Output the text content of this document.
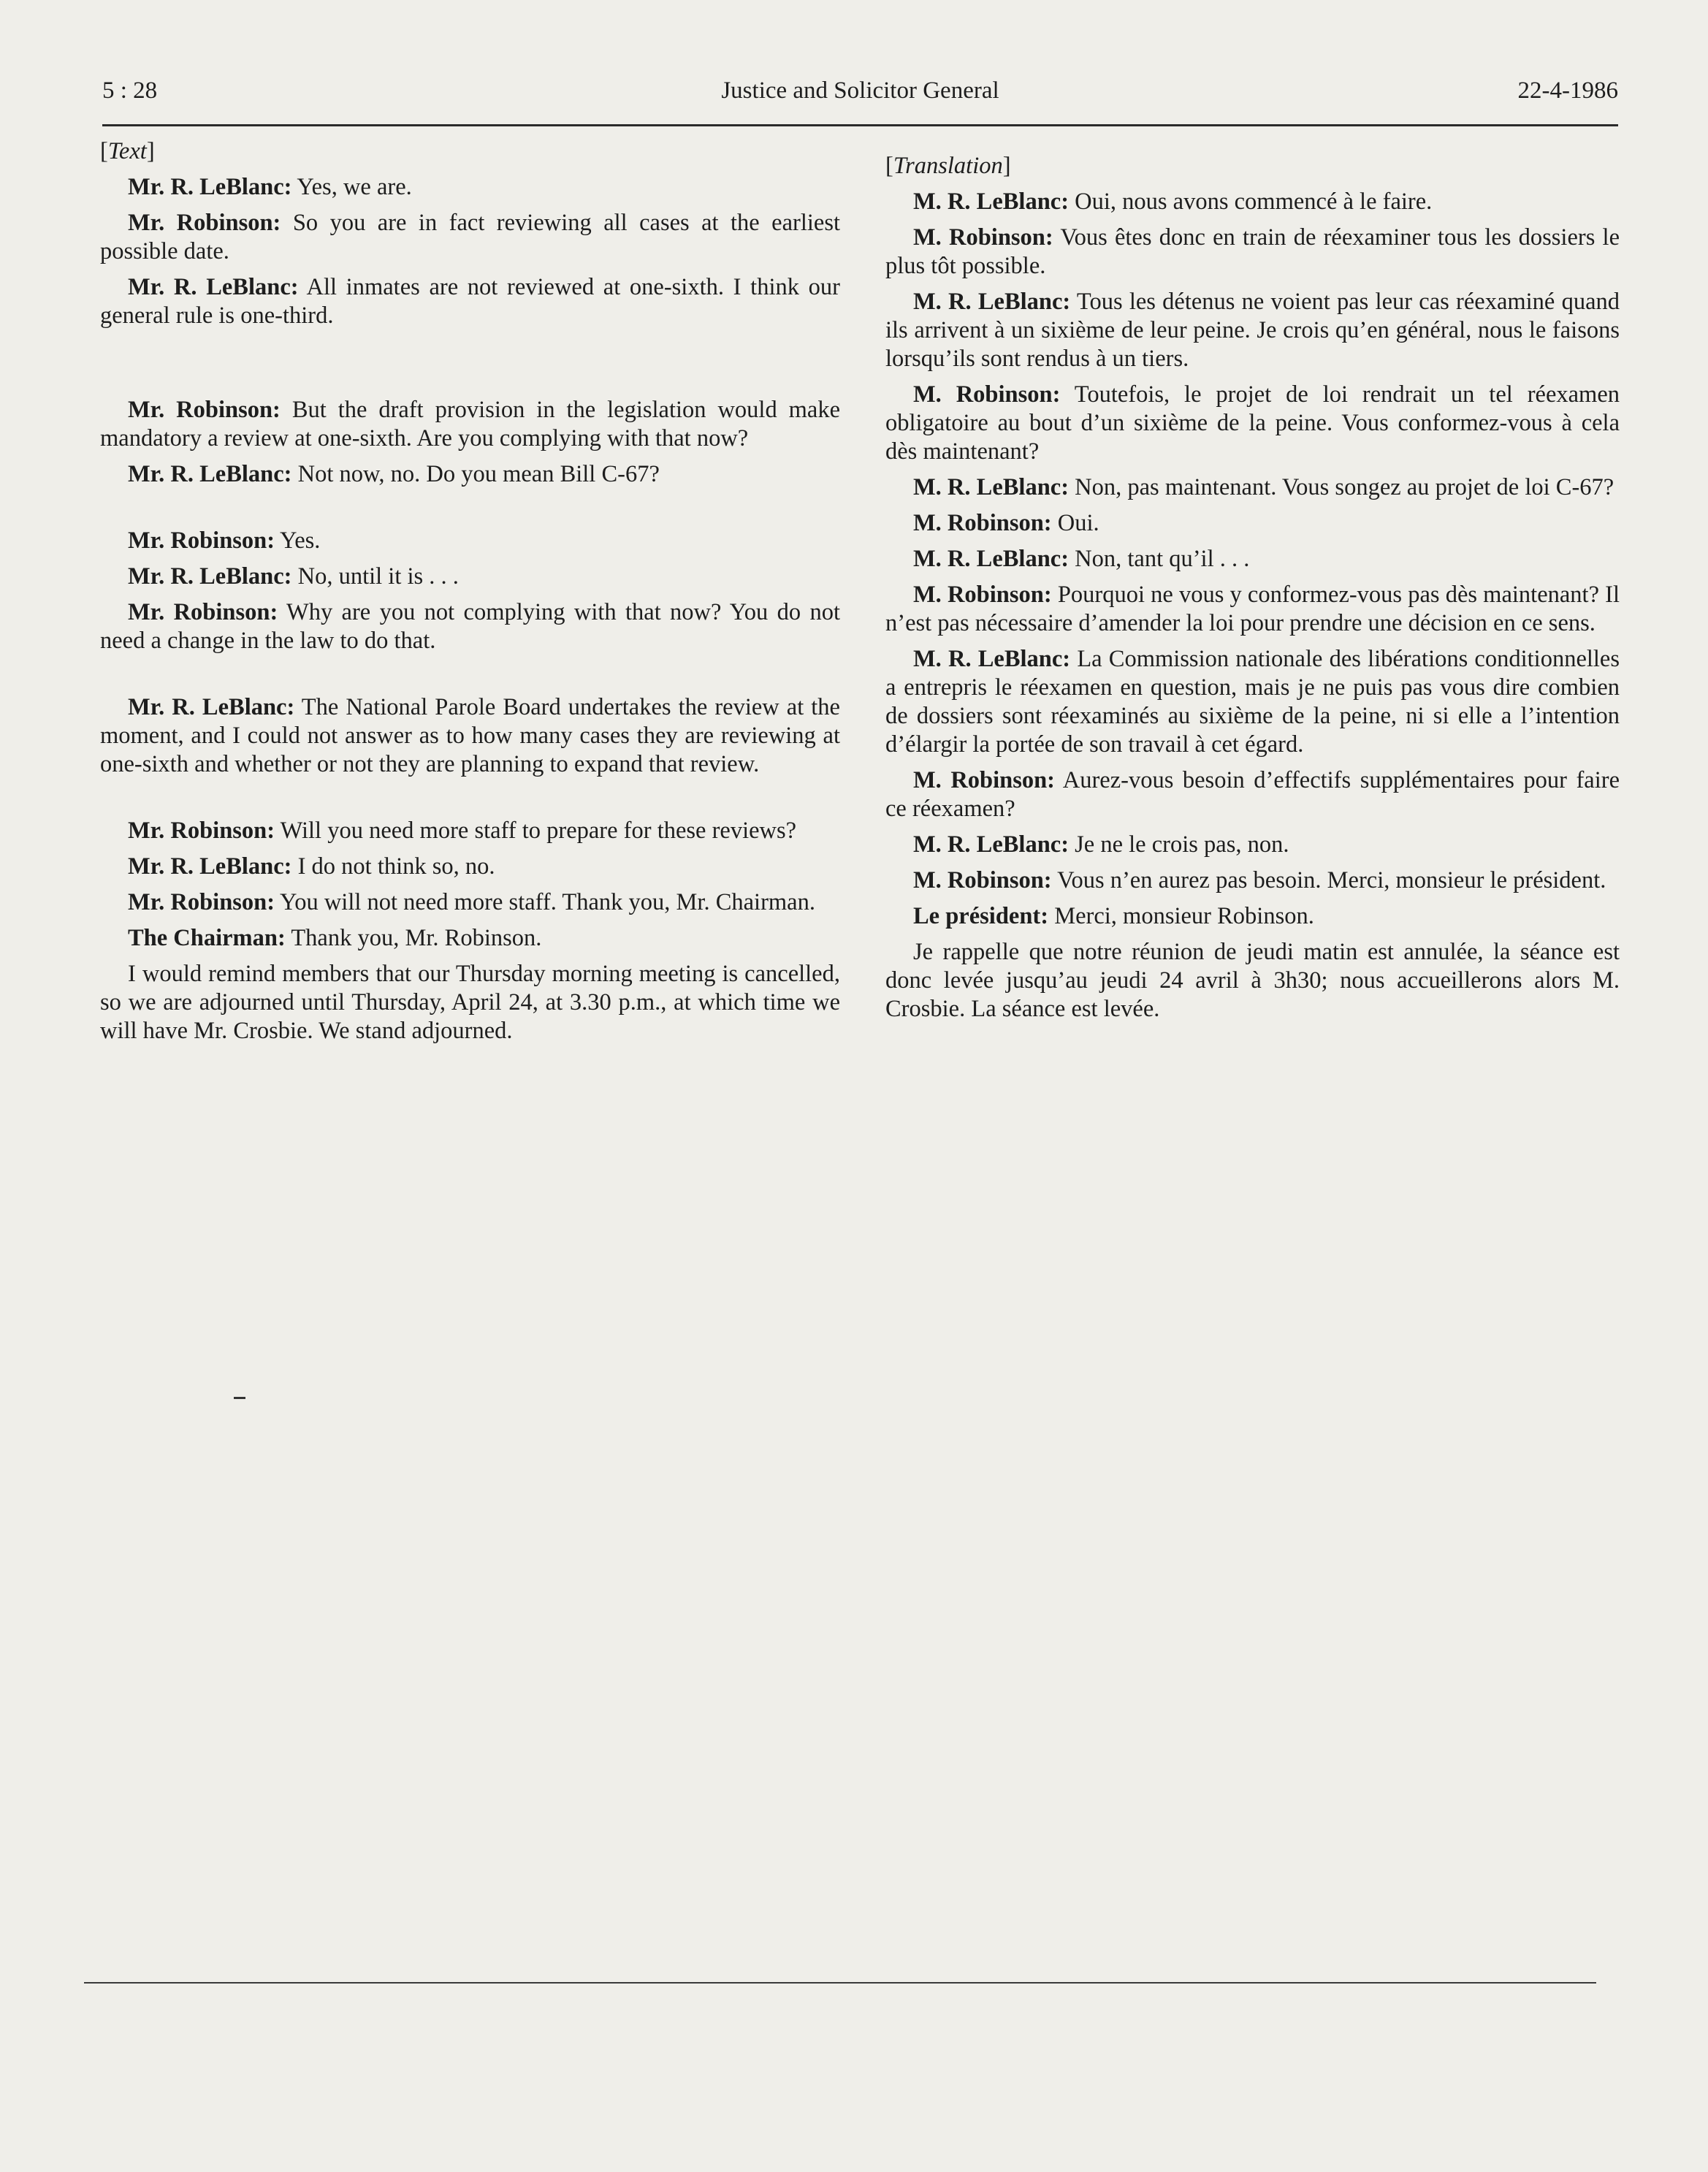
5 : 28	Justice and Solicitor General	22-4-1986

[Text]

Mr. R. LeBlanc: Yes, we are.

Mr. Robinson: So you are in fact reviewing all cases at the earliest possible date.

Mr. R. LeBlanc: All inmates are not reviewed at one-sixth. I think our general rule is one-third.

Mr. Robinson: But the draft provision in the legislation would make mandatory a review at one-sixth. Are you complying with that now?

Mr. R. LeBlanc: Not now, no. Do you mean Bill C-67?

Mr. Robinson: Yes.

Mr. R. LeBlanc: No, until it is . . .

Mr. Robinson: Why are you not complying with that now? You do not need a change in the law to do that.

Mr. R. LeBlanc: The National Parole Board undertakes the review at the moment, and I could not answer as to how many cases they are reviewing at one-sixth and whether or not they are planning to expand that review.

Mr. Robinson: Will you need more staff to prepare for these reviews?

Mr. R. LeBlanc: I do not think so, no.

Mr. Robinson: You will not need more staff. Thank you, Mr. Chairman.

The Chairman: Thank you, Mr. Robinson.

I would remind members that our Thursday morning meeting is cancelled, so we are adjourned until Thursday, April 24, at 3.30 p.m., at which time we will have Mr. Crosbie. We stand adjourned.

[Translation]

M. R. LeBlanc: Oui, nous avons commencé à le faire.

M. Robinson: Vous êtes donc en train de réexaminer tous les dossiers le plus tôt possible.

M. R. LeBlanc: Tous les détenus ne voient pas leur cas réexaminé quand ils arrivent à un sixième de leur peine. Je crois qu’en général, nous le faisons lorsqu’ils sont rendus à un tiers.

M. Robinson: Toutefois, le projet de loi rendrait un tel réexamen obligatoire au bout d’un sixième de la peine. Vous conformez-vous à cela dès maintenant?

M. R. LeBlanc: Non, pas maintenant. Vous songez au projet de loi C-67?

M. Robinson: Oui.

M. R. LeBlanc: Non, tant qu’il . . .

M. Robinson: Pourquoi ne vous y conformez-vous pas dès maintenant? Il n’est pas nécessaire d’amender la loi pour prendre une décision en ce sens.

M. R. LeBlanc: La Commission nationale des libérations conditionnelles a entrepris le réexamen en question, mais je ne puis pas vous dire combien de dossiers sont réexaminés au sixième de la peine, ni si elle a l’intention d’élargir la portée de son travail à cet égard.

M. Robinson: Aurez-vous besoin d’effectifs supplémentaires pour faire ce réexamen?

M. R. LeBlanc: Je ne le crois pas, non.

M. Robinson: Vous n’en aurez pas besoin. Merci, monsieur le président.

Le président: Merci, monsieur Robinson.

Je rappelle que notre réunion de jeudi matin est annulée, la séance est donc levée jusqu’au jeudi 24 avril à 3h30; nous accueillerons alors M. Crosbie. La séance est levée.
